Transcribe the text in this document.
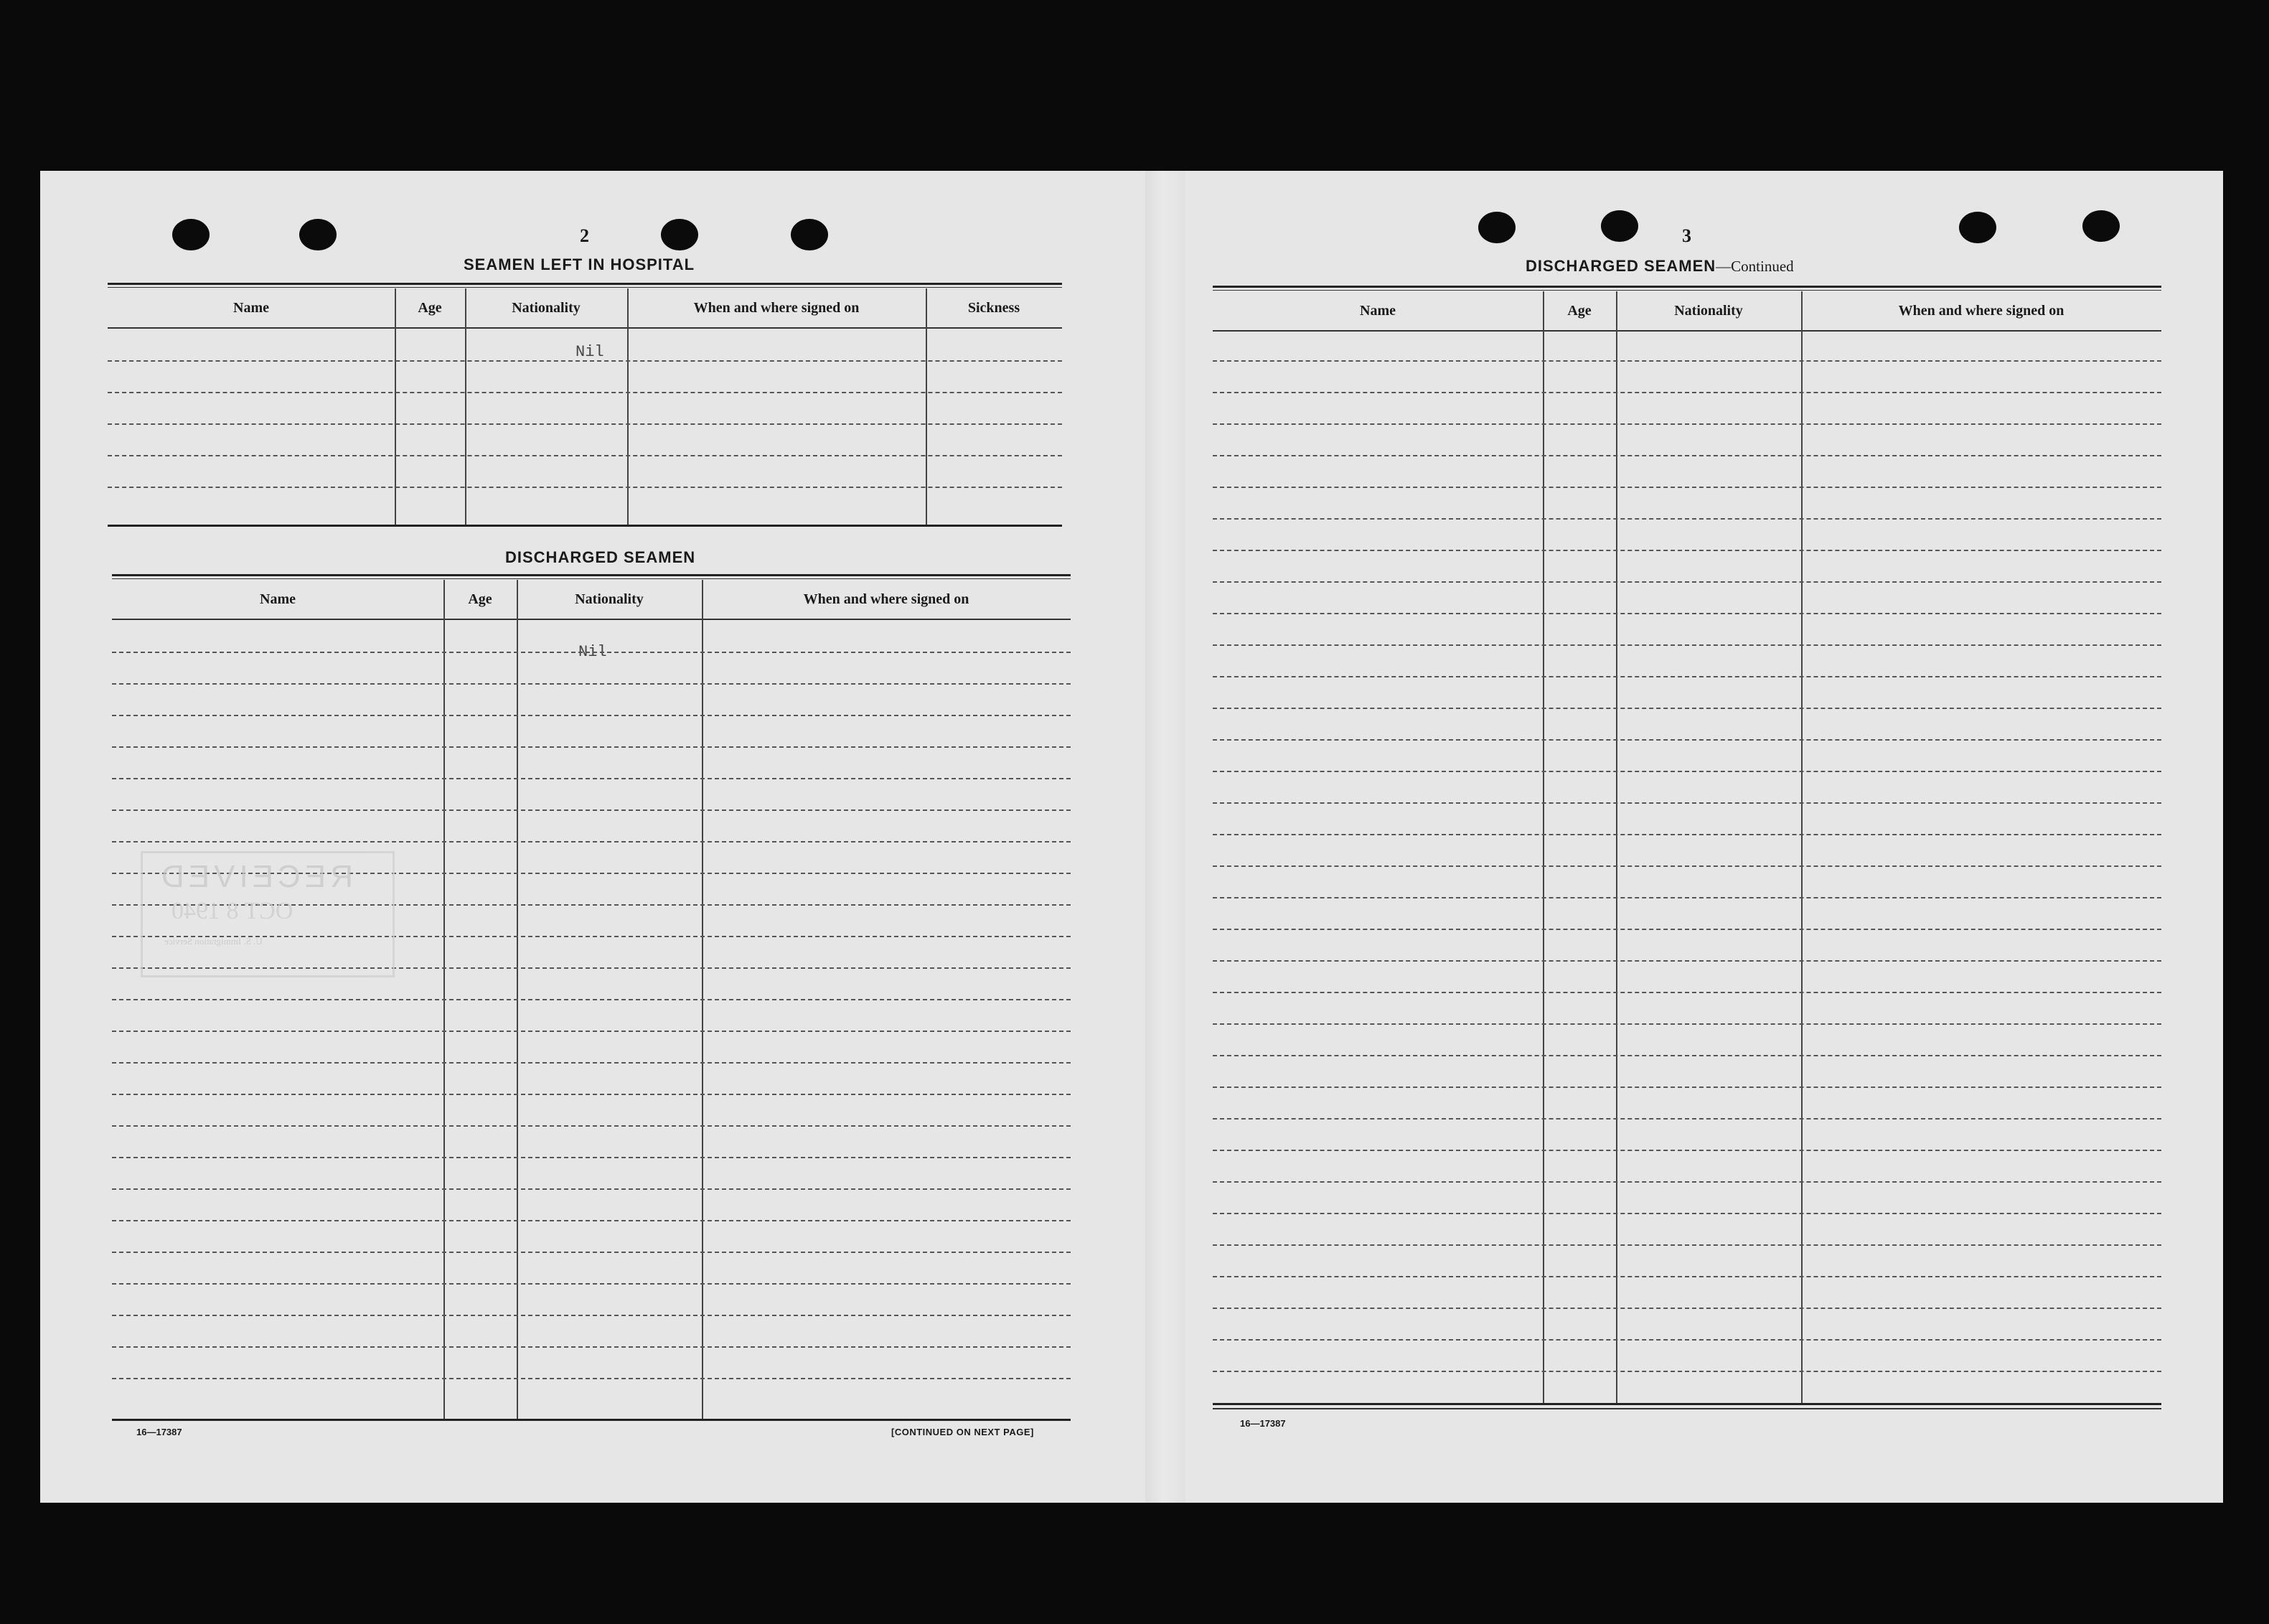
2
SEAMEN LEFT IN HOSPITAL
Name	Age	Nationality	When and where signed on	Sickness
Nil
DISCHARGED SEAMEN
Name	Age	Nationality	When and where signed on
Nil
16—17387	[CONTINUED ON NEXT PAGE]
RECEIVED
OCT 8 1940
U. S. Immigration Service
3
DISCHARGED SEAMEN—Continued
Name	Age	Nationality	When and where signed on
16—17387
